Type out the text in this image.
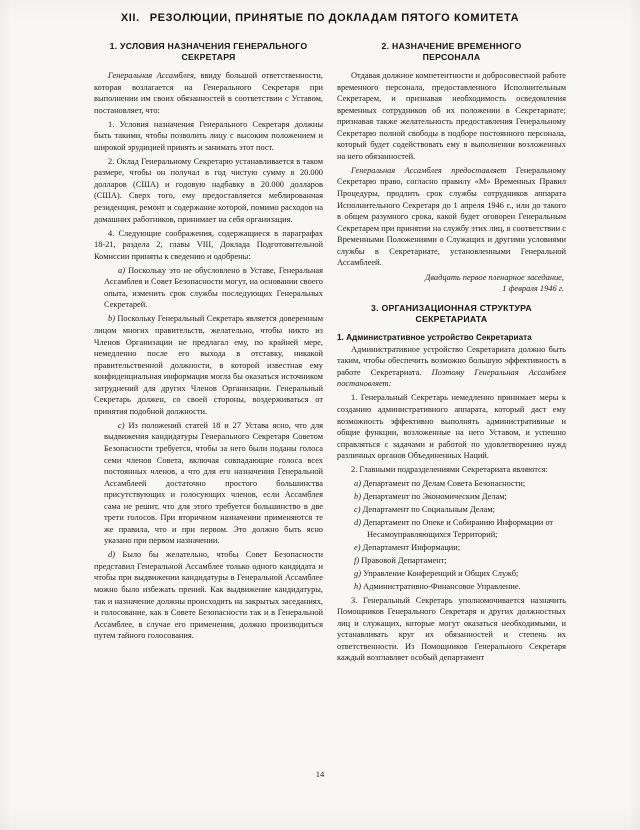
XII. РЕЗОЛЮЦИИ, ПРИНЯТЫЕ ПО ДОКЛАДАМ ПЯТОГО КОМИТЕТА
1. УСЛОВИЯ НАЗНАЧЕНИЯ ГЕНЕРАЛЬНОГО СЕКРЕТАРЯ

Генеральная Ассамблея, ввиду большой ответственности, которая возлагается на Генерального Секретаря при выполнении им своих обязанностей в соответствии с Уставом, постановляет, что:

1. Условия назначения Генерального Секретаря должны быть такими, чтобы позволить лицу с высоким положением и широкой эрудицией принять и занимать этот пост.

2. Оклад Генеральному Секретарю устанавливается в таком размере, чтобы он получал в год чистую сумму в 20.000 долларов (США) и годовую надбавку в 20.000 долларов (США). Сверх того, ему предоставляется меблированная резиденция, ремонт и содержание которой, помимо расходов на домашних работников, принимает на себя организация.

4. Следующие соображения, содержащиеся в параграфах 18-21, раздела 2, главы VIII, Доклада Подготовительной Комиссии приняты к сведению и одобрены:

a) Поскольку это не обусловлено в Уставе, Генеральная Ассамблея и Совет Безопасности могут, на основании своего опыта, изменить срок службы последующих Генеральных Секретарей.

b) Поскольку Генеральный Секретарь является доверенным лицом многих правительств, желательно, чтобы никто из Членов Организации не предлагал ему, по крайней мере, немедленно после его выхода в отставку, никакой правительственной должности, в которой известная ему конфиденциальная информация могла бы оказаться источником затруднений для других Членов Организации. Генеральный Секретарь должен, со своей стороны, воздерживаться от принятия подобной должности.

c) Из положений статей 18 и 27 Устава ясно, что для выдвижения кандидатуры Генерального Секретаря Советом Безопасности требуется, чтобы за него были поданы голоса семи членов Совета, включая совпадающие голоса всех постоянных членов, а что для его назначения Генеральной Ассамблеей достаточно простого большинства присутствующих и голосующих членов, если Ассамблея сама не решит, что для этого требуется большинство в две трети голосов. При вторичном назначении применяются те же правила, что и при первом. Это должно быть ясно указано при первом назначении.

d) Было бы желательно, чтобы Совет Безопасности представил Генеральной Ассамблее только одного кандидата и чтобы при выдвижении кандидатуры в Генеральной Ассамблее можно было избежать прений. Как выдвижение кандидатуры, так и назначение должны происходить на закрытых заседаниях, и голосование, как в Совете Безопасности так и в Генеральной Ассамблее, в случае его применения, должно производиться путем тайного голосования.

2. НАЗНАЧЕНИЕ ВРЕМЕННОГО ПЕРСОНАЛА

Отдавая должное компетентности и добросовестной работе временного персонала, предоставленного Исполнительным Секретарем, и признавая необходимость осведомления временных сотрудников об их положении в Секретариате; признавая также желательность предоставления Генеральному Секретарю полной свободы в подборе постоянного персонала, который будет содействовать ему в выполнении возложенных на него обязанностей.

Генеральная Ассамблея предоставляет Генеральному Секретарю право, согласно правилу «М» Временных Правил Процедуры, продлить срок службы сотрудников аппарата Исполнительного Секретаря до 1 апреля 1946 г., или до такого в общем разумного срока, какой будет оговорен Генеральным Секретарем при принятии на службу этих лиц, в соответствии с Временными Положениями о Служащих и другими условиями службы в Секретариате, установленными Генеральной Ассамблеей.

Двадцать первое пленарное заседание,
1 февраля 1946 г.
3. ОРГАНИЗАЦИОННАЯ СТРУКТУРА СЕКРЕТАРИАТА
1. Административное устройство Секретариата

Административное устройство Секретариата должно быть таким, чтобы обеспечить возможно большую эффективность в работе Секретариата. Поэтому Генеральная Ассамблея постановляет:

1. Генеральный Секретарь немедленно принимает меры к созданию административного аппарата, который даст ему возможность эффективно выполнять административные и общие функции, возложенные на него Уставом, и успешно справляться с задачами и работой по удовлетворению нужд различных органов Объединенных Наций.

2. Главными подразделениями Секретариата являются:

a) Департамент по Делам Совета Безопасности;
b) Департамент по Экономическим Делам;
c) Департамент по Социальным Делам;
d) Департамент по Опеке и Собиранию Информации от Несамоуправляющихся Территорий;
e) Департамент Информации;
f) Правовой Департамент;
g) Управление Конференций и Общих Служб;
h) Административно-Финансовое Управление.

3. Генеральный Секретарь уполномочивается назначить Помощников Генерального Секретаря и других должностных лиц и служащих, которые могут оказаться необходимыми, и устанавливать круг их обязанностей и степень их ответственности. Из Помощников Генерального Секретаря каждый возглавляет особый департамент

14
